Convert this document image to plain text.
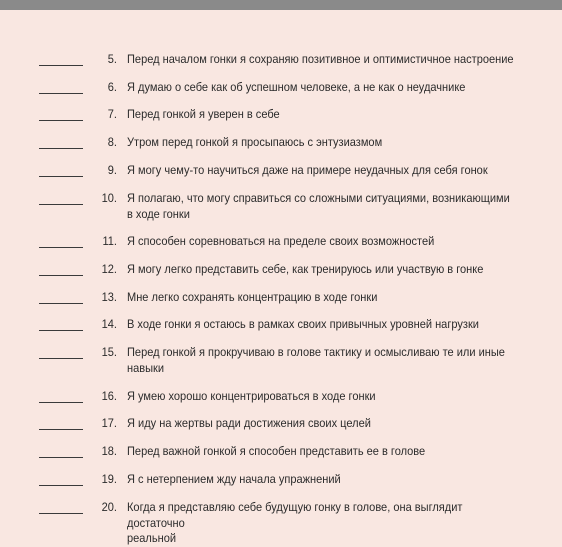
5. Перед началом гонки я сохраняю позитивное и оптимистичное настроение
6. Я думаю о себе как об успешном человеке, а не как о неудачнике
7. Перед гонкой я уверен в себе
8. Утром перед гонкой я просыпаюсь с энтузиазмом
9. Я могу чему-то научиться даже на примере неудачных для себя гонок
10. Я полагаю, что могу справиться со сложными ситуациями, возникающими
в ходе гонки
11. Я способен соревноваться на пределе своих возможностей
12. Я могу легко представить себе, как тренируюсь или участвую в гонке
13. Мне легко сохранять концентрацию в ходе гонки
14. В ходе гонки я остаюсь в рамках своих привычных уровней нагрузки
15. Перед гонкой я прокручиваю в голове тактику и осмысливаю те или иные
навыки
16. Я умею хорошо концентрироваться в ходе гонки
17. Я иду на жертвы ради достижения своих целей
18. Перед важной гонкой я способен представить ее в голове
19. Я с нетерпением жду начала упражнений
20. Когда я представляю себе будущую гонку в голове, она выглядит достаточно
реальной
